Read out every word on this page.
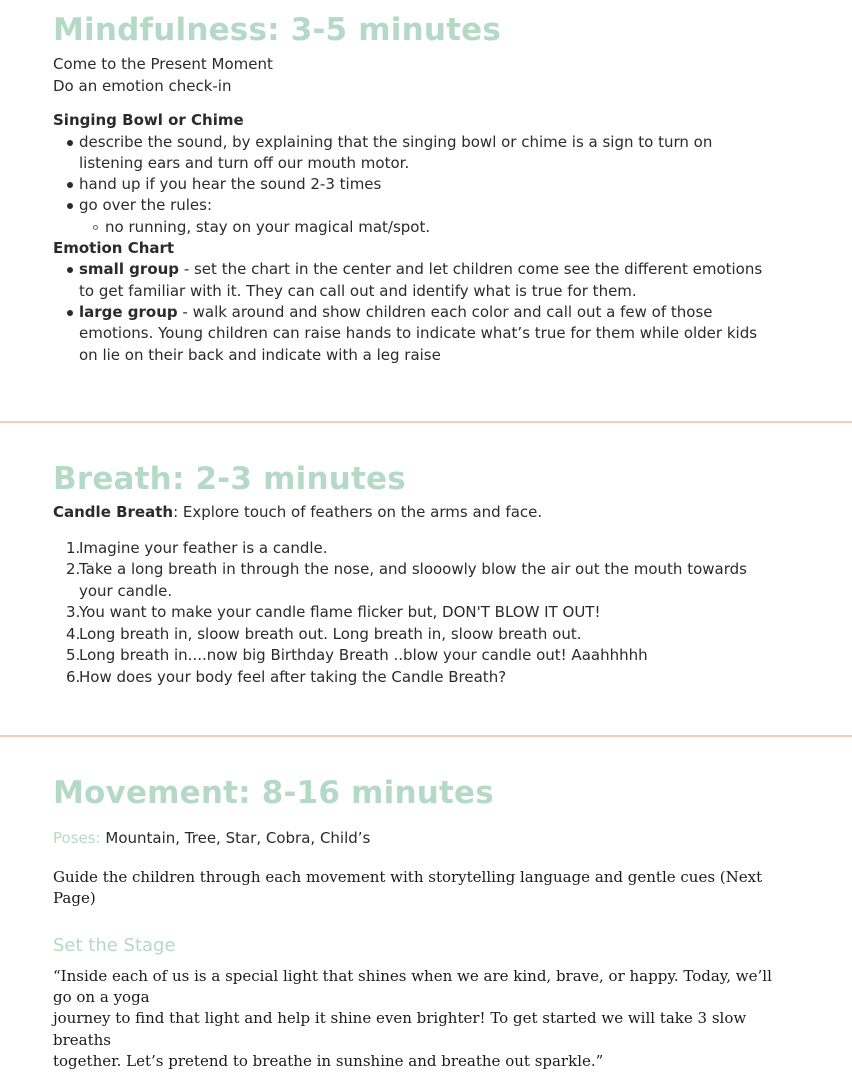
Mindfulness: 3-5 minutes

Come to the Present Moment

Do an emotion check-in

Singing Bowl or Chime

describe the sound, by explaining that the singing bowl or chime is a sign to turn on
listening ears and turn off our mouth motor.
hand up if you hear the sound 2-3 times
go over the rules:
no running, stay on your magical mat/spot.

Emotion Chart

small group - set the chart in the center and let children come see the different emotions
to get familiar with it. They can call out and identify what is true for them.
large group - walk around and show children each color and call out a few of those
emotions. Young children can raise hands to indicate what’s true for them while older kids
on lie on their back and indicate with a leg raise
Breath: 2-3 minutes

Candle Breath: Explore touch of feathers on the arms and face.

1.
Imagine your feather is a candle.
2.
Take a long breath in through the nose, and slooowly blow the air out the mouth towards
your candle.
3.
You want to make your candle flame flicker but, DON'T BLOW IT OUT!
4.
Long breath in, sloow breath out. Long breath in, sloow breath out.
5.
Long breath in....now big Birthday Breath ..blow your candle out! Aaahhhhh
6.
How does your body feel after taking the Candle Breath?
Movement: 8-16 minutes

Poses: Mountain, Tree, Star, Cobra, Child’s

Guide the children through each movement with storytelling language and gentle cues (Next Page)

Set the Stage

“Inside each of us is a special light that shines when we are kind, brave, or happy. Today, we’ll go on a yoga
journey to find that light and help it shine even brighter! To get started we will take 3 slow breaths
together. Let’s pretend to breathe in sunshine and breathe out sparkle.”
